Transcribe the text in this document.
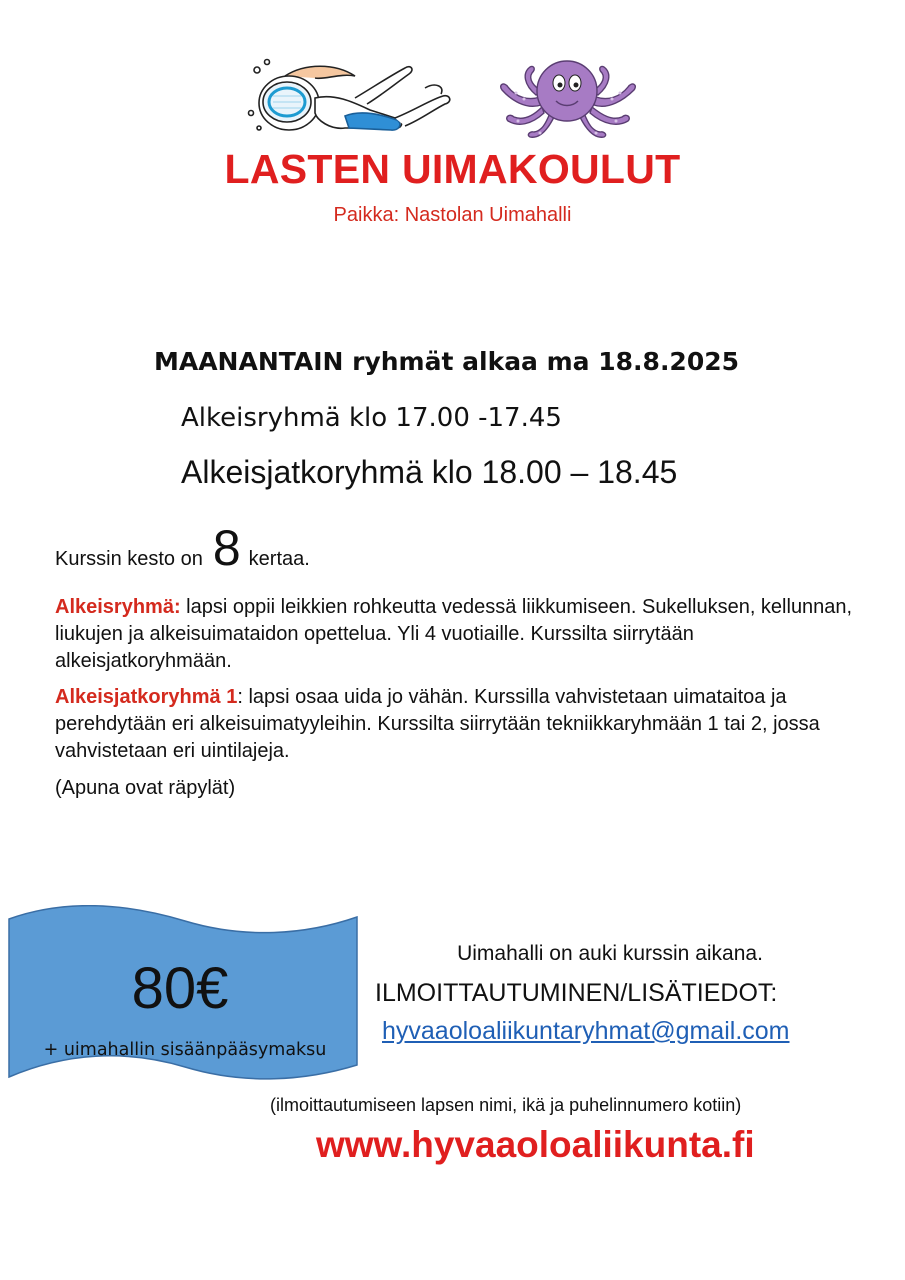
LASTEN UIMAKOULUT
Paikka: Nastolan Uimahalli
MAANANTAIN ryhmät alkaa ma 18.8.2025
Alkeisryhmä klo 17.00 -17.45
Alkeisjatkoryhmä klo 18.00 – 18.45
Kurssin kesto on 8 kertaa.
Alkeisryhmä: lapsi oppii leikkien rohkeutta vedessä liikkumiseen. Sukelluksen, kellunnan, liukujen ja alkeisuimataidon opettelua. Yli 4 vuotiaille. Kurssilta siirrytään alkeisjatkoryhmään.
Alkeisjatkoryhmä 1: lapsi osaa uida jo vähän. Kurssilla vahvistetaan uimataitoa ja perehdytään eri alkeisuimatyyleihin. Kurssilta siirrytään tekniikkaryhmään 1 tai 2, jossa vahvistetaan eri uintilajeja.
(Apuna ovat räpylät)
80€
+ uimahallin sisäänpääsymaksu
Uimahalli on auki kurssin aikana.
ILMOITTAUTUMINEN/LISÄTIEDOT:
hyvaaoloaliikuntaryhmat@gmail.com
(ilmoittautumiseen lapsen nimi, ikä ja puhelinnumero kotiin)
www.hyvaaoloaliikunta.fi
